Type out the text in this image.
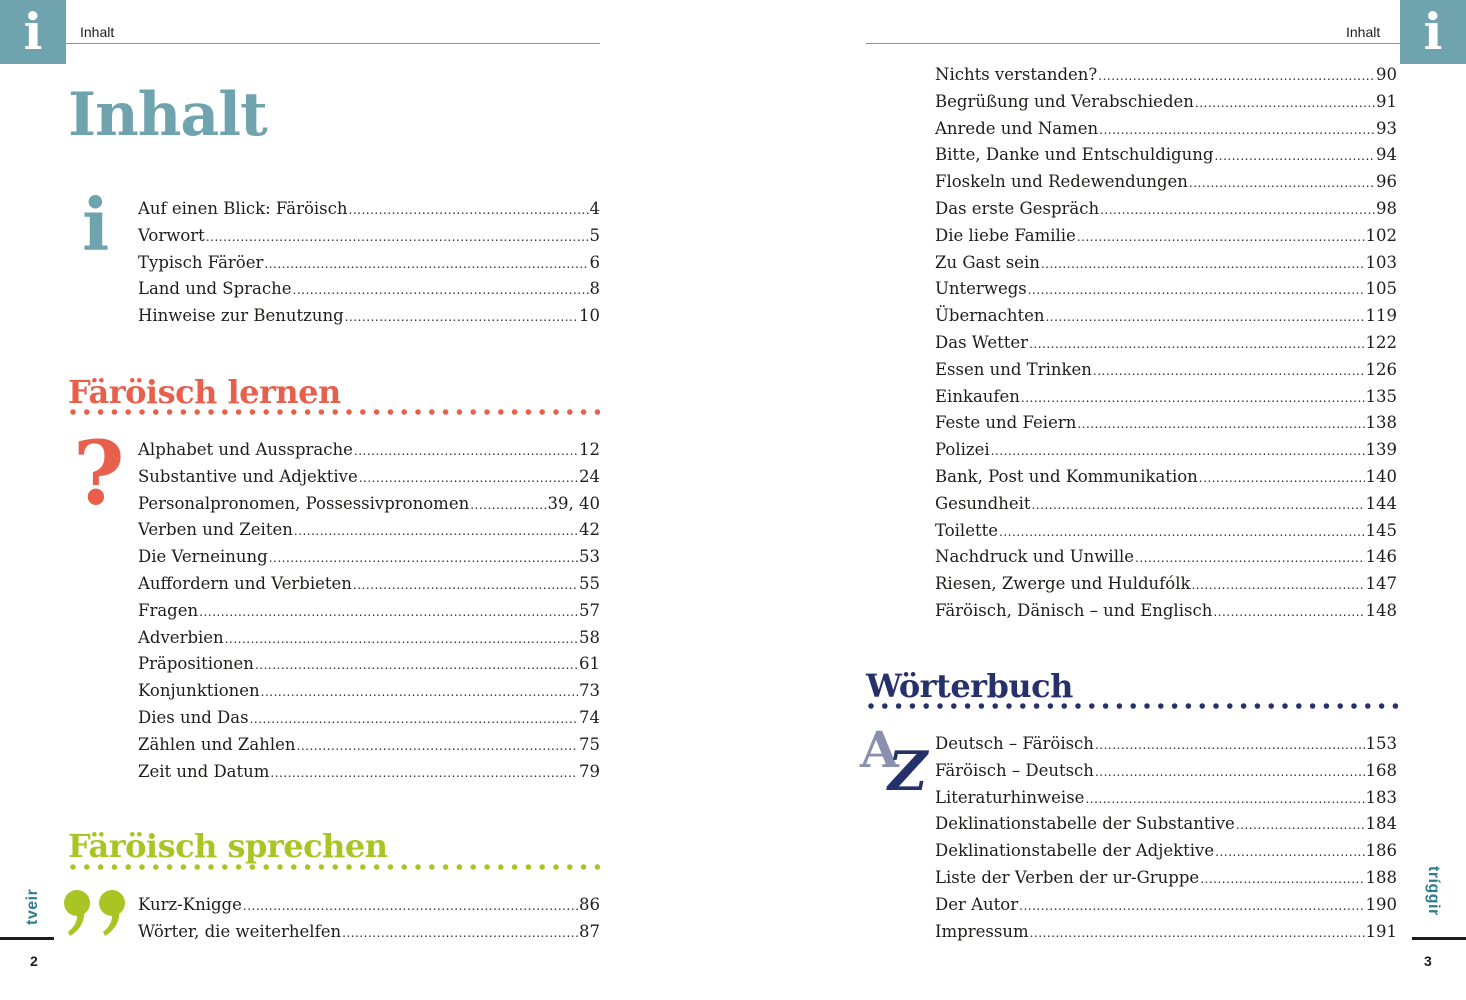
i	Inhalt
Inhalt
i Auf einen Blick: Färöisch .....	4
Vorwort .....	5
Typisch Färöer .....	6
Land und Sprache .....	8
Hinweise zur Benutzung .....	10
Färöisch lernen
? Alphabet und Aussprache .....	12
Substantive und Adjektive .....	24
Personalpronomen, Possessivpronomen .....	39, 40
Verben und Zeiten .....	42
Die Verneinung .....	53
Auffordern und Verbieten .....	55
Fragen .....	57
Adverbien .....	58
Präpositionen .....	61
Konjunktionen .....	73
Dies und Das .....	74
Zählen und Zahlen .....	75
Zeit und Datum .....	79
Färöisch sprechen
Kurz-Knigge .....	86
Wörter, die weiterhelfen .....	87
tveir
2
i
Inhalt
Nichts verstanden? .....	90
Begrüßung und Verabschieden .....	91
Anrede und Namen .....	93
Bitte, Danke und Entschuldigung .....	94
Floskeln und Redewendungen .....	96
Das erste Gespräch .....	98
Die liebe Familie .....	102
Zu Gast sein .....	103
Unterwegs .....	105
Übernachten .....	119
Das Wetter .....	122
Essen und Trinken .....	126
Einkaufen .....	135
Feste und Feiern .....	138
Polizei .....	139
Bank, Post und Kommunikation .....	140
Gesundheit .....	144
Toilette .....	145
Nachdruck und Unwille .....	146
Riesen, Zwerge und Huldufólk .....	147
Färöisch, Dänisch – und Englisch .....	148
Wörterbuch
A
Z Deutsch – Färöisch .....	153
Färöisch – Deutsch .....	168
Literaturhinweise .....	183
Deklinationstabelle der Substantive .....	184
Deklinationstabelle der Adjektive .....	186
Liste der Verben der ur-Gruppe .....	188
Der Autor .....	190
Impressum .....	191
tríggir
3
